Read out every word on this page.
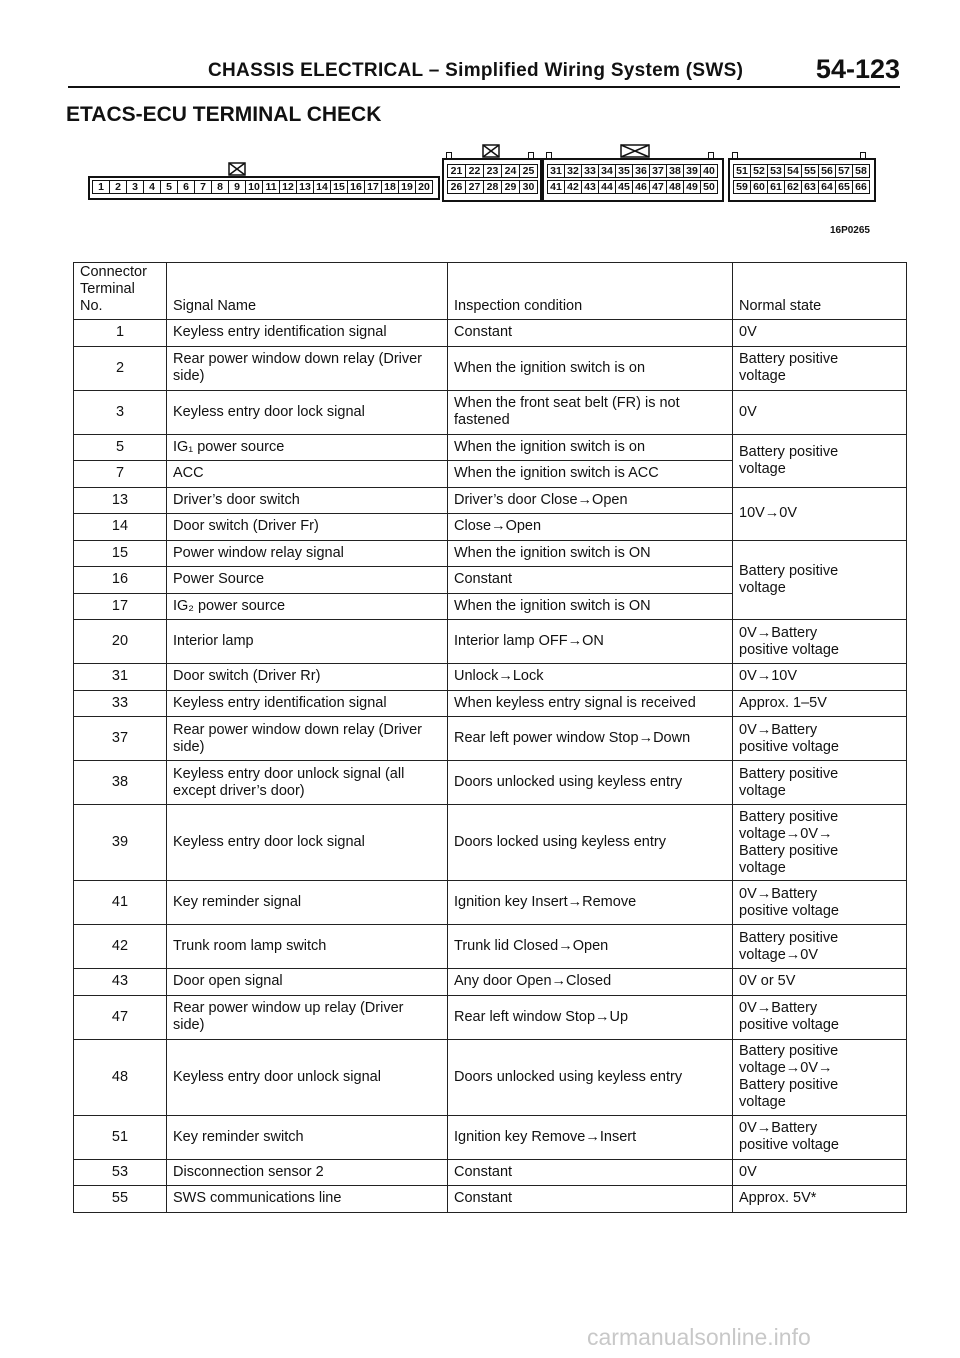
CHASSIS ELECTRICAL – Simplified Wiring System (SWS)	54-123
ETACS-ECU TERMINAL CHECK
1	2	3	4	5	6	7	8	9 10 11 12 13 14 15 16 17 18 19 20
21 22 23 24 25
26 27 28 29 30
31 32 33 34 35 36 37 38 39 40
41 42 43 44 45 46 47 48 49 50
51 52 53 54 55 56 57 58
59 60 61 62 63 64 65 66
16P0265
Connector
Terminal No.	Signal Name	Inspection condition	Normal state
1	Keyless entry identification signal	Constant	0V
2	Rear power window down relay (Driver
side)	When the ignition switch is on	Battery positive
voltage
3	Keyless entry door lock signal	When the front seat belt (FR) is not
fastened	0V
5	IG₁ power source	When the ignition switch is on	Battery positive
voltage
7	ACC	When the ignition switch is ACC	
13	Driver’s door switch	Driver’s door Close→Open	10V→0V
14	Door switch (Driver Fr)	Close→Open	
15	Power window relay signal	When the ignition switch is ON	Battery positive
voltage
16	Power Source	Constant	
17	IG₂ power source	When the ignition switch is ON	
20	Interior lamp	Interior lamp OFF→ON	0V→Battery
positive voltage
31	Door switch (Driver Rr)	Unlock→Lock	0V→10V
33	Keyless entry identification signal	When keyless entry signal is received	Approx. 1–5V
37	Rear power window down relay (Driver
side)	Rear left power window Stop→Down	0V→Battery
positive voltage
38	Keyless entry door unlock signal (all
except driver’s door)	Doors unlocked using keyless entry	Battery positive
voltage
39	Keyless entry door lock signal	Doors locked using keyless entry	Battery positive
voltage→0V→
Battery positive
voltage
41	Key reminder signal	Ignition key Insert→Remove	0V→Battery
positive voltage
42	Trunk room lamp switch	Trunk lid Closed→Open	Battery positive
voltage→0V
43	Door open signal	Any door Open→Closed	0V or 5V
47	Rear power window up relay (Driver
side)	Rear left window Stop→Up	0V→Battery
positive voltage
48	Keyless entry door unlock signal	Doors unlocked using keyless entry	Battery positive
voltage→0V→
Battery positive
voltage
51	Key reminder switch	Ignition key Remove→Insert	0V→Battery
positive voltage
53	Disconnection sensor 2	Constant	0V
55	SWS communications line	Constant	Approx. 5V*
carmanualsonline.info
